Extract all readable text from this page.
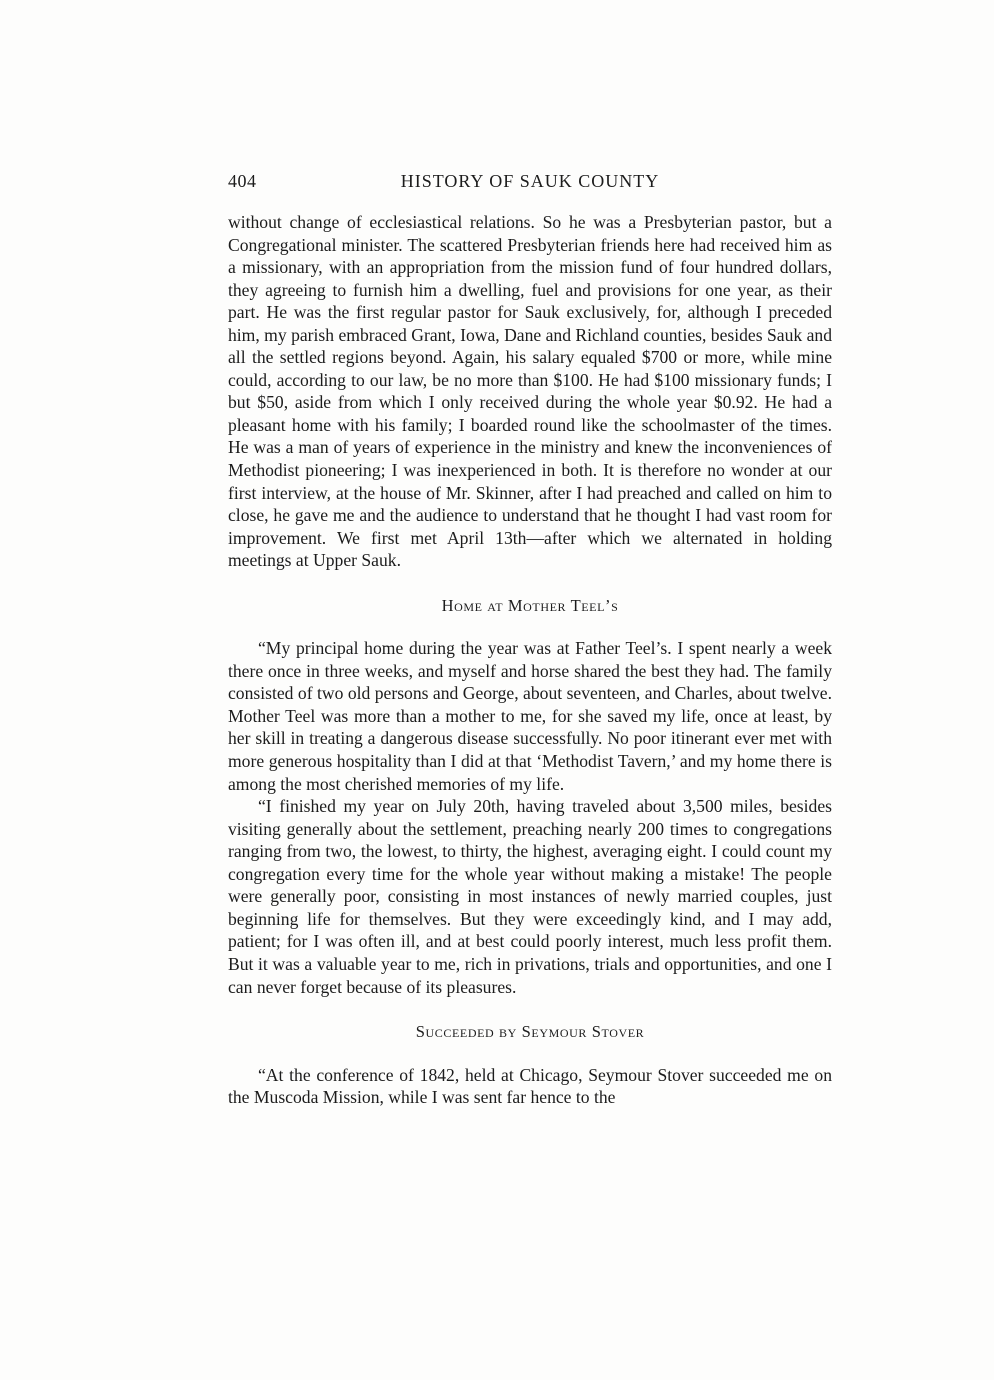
404	HISTORY OF SAUK COUNTY

without change of ecclesiastical relations. So he was a Presbyterian pastor, but a Congregational minister. The scattered Presbyterian friends here had received him as a missionary, with an appropriation from the mission fund of four hundred dollars, they agreeing to furnish him a dwelling, fuel and provisions for one year, as their part. He was the first regular pastor for Sauk exclusively, for, although I preceded him, my parish embraced Grant, Iowa, Dane and Richland counties, besides Sauk and all the settled regions beyond. Again, his salary equaled $700 or more, while mine could, according to our law, be no more than $100. He had $100 missionary funds; I but $50, aside from which I only received during the whole year $0.92. He had a pleasant home with his family; I boarded round like the schoolmaster of the times. He was a man of years of experience in the ministry and knew the inconveniences of Methodist pioneering; I was inexperienced in both. It is therefore no wonder at our first interview, at the house of Mr. Skinner, after I had preached and called on him to close, he gave me and the audience to understand that he thought I had vast room for improvement. We first met April 13th—after which we alternated in holding meetings at Upper Sauk.

Home at Mother Teel’s

“My principal home during the year was at Father Teel’s. I spent nearly a week there once in three weeks, and myself and horse shared the best they had. The family consisted of two old persons and George, about seventeen, and Charles, about twelve. Mother Teel was more than a mother to me, for she saved my life, once at least, by her skill in treating a dangerous disease successfully. No poor itinerant ever met with more generous hospitality than I did at that ‘Methodist Tavern,’ and my home there is among the most cherished memories of my life.

“I finished my year on July 20th, having traveled about 3,500 miles, besides visiting generally about the settlement, preaching nearly 200 times to congregations ranging from two, the lowest, to thirty, the highest, averaging eight. I could count my congregation every time for the whole year without making a mistake! The people were generally poor, consisting in most instances of newly married couples, just beginning life for themselves. But they were exceedingly kind, and I may add, patient; for I was often ill, and at best could poorly interest, much less profit them. But it was a valuable year to me, rich in privations, trials and opportunities, and one I can never forget because of its pleasures.

Succeeded by Seymour Stover

“At the conference of 1842, held at Chicago, Seymour Stover succeeded me on the Muscoda Mission, while I was sent far hence to the
